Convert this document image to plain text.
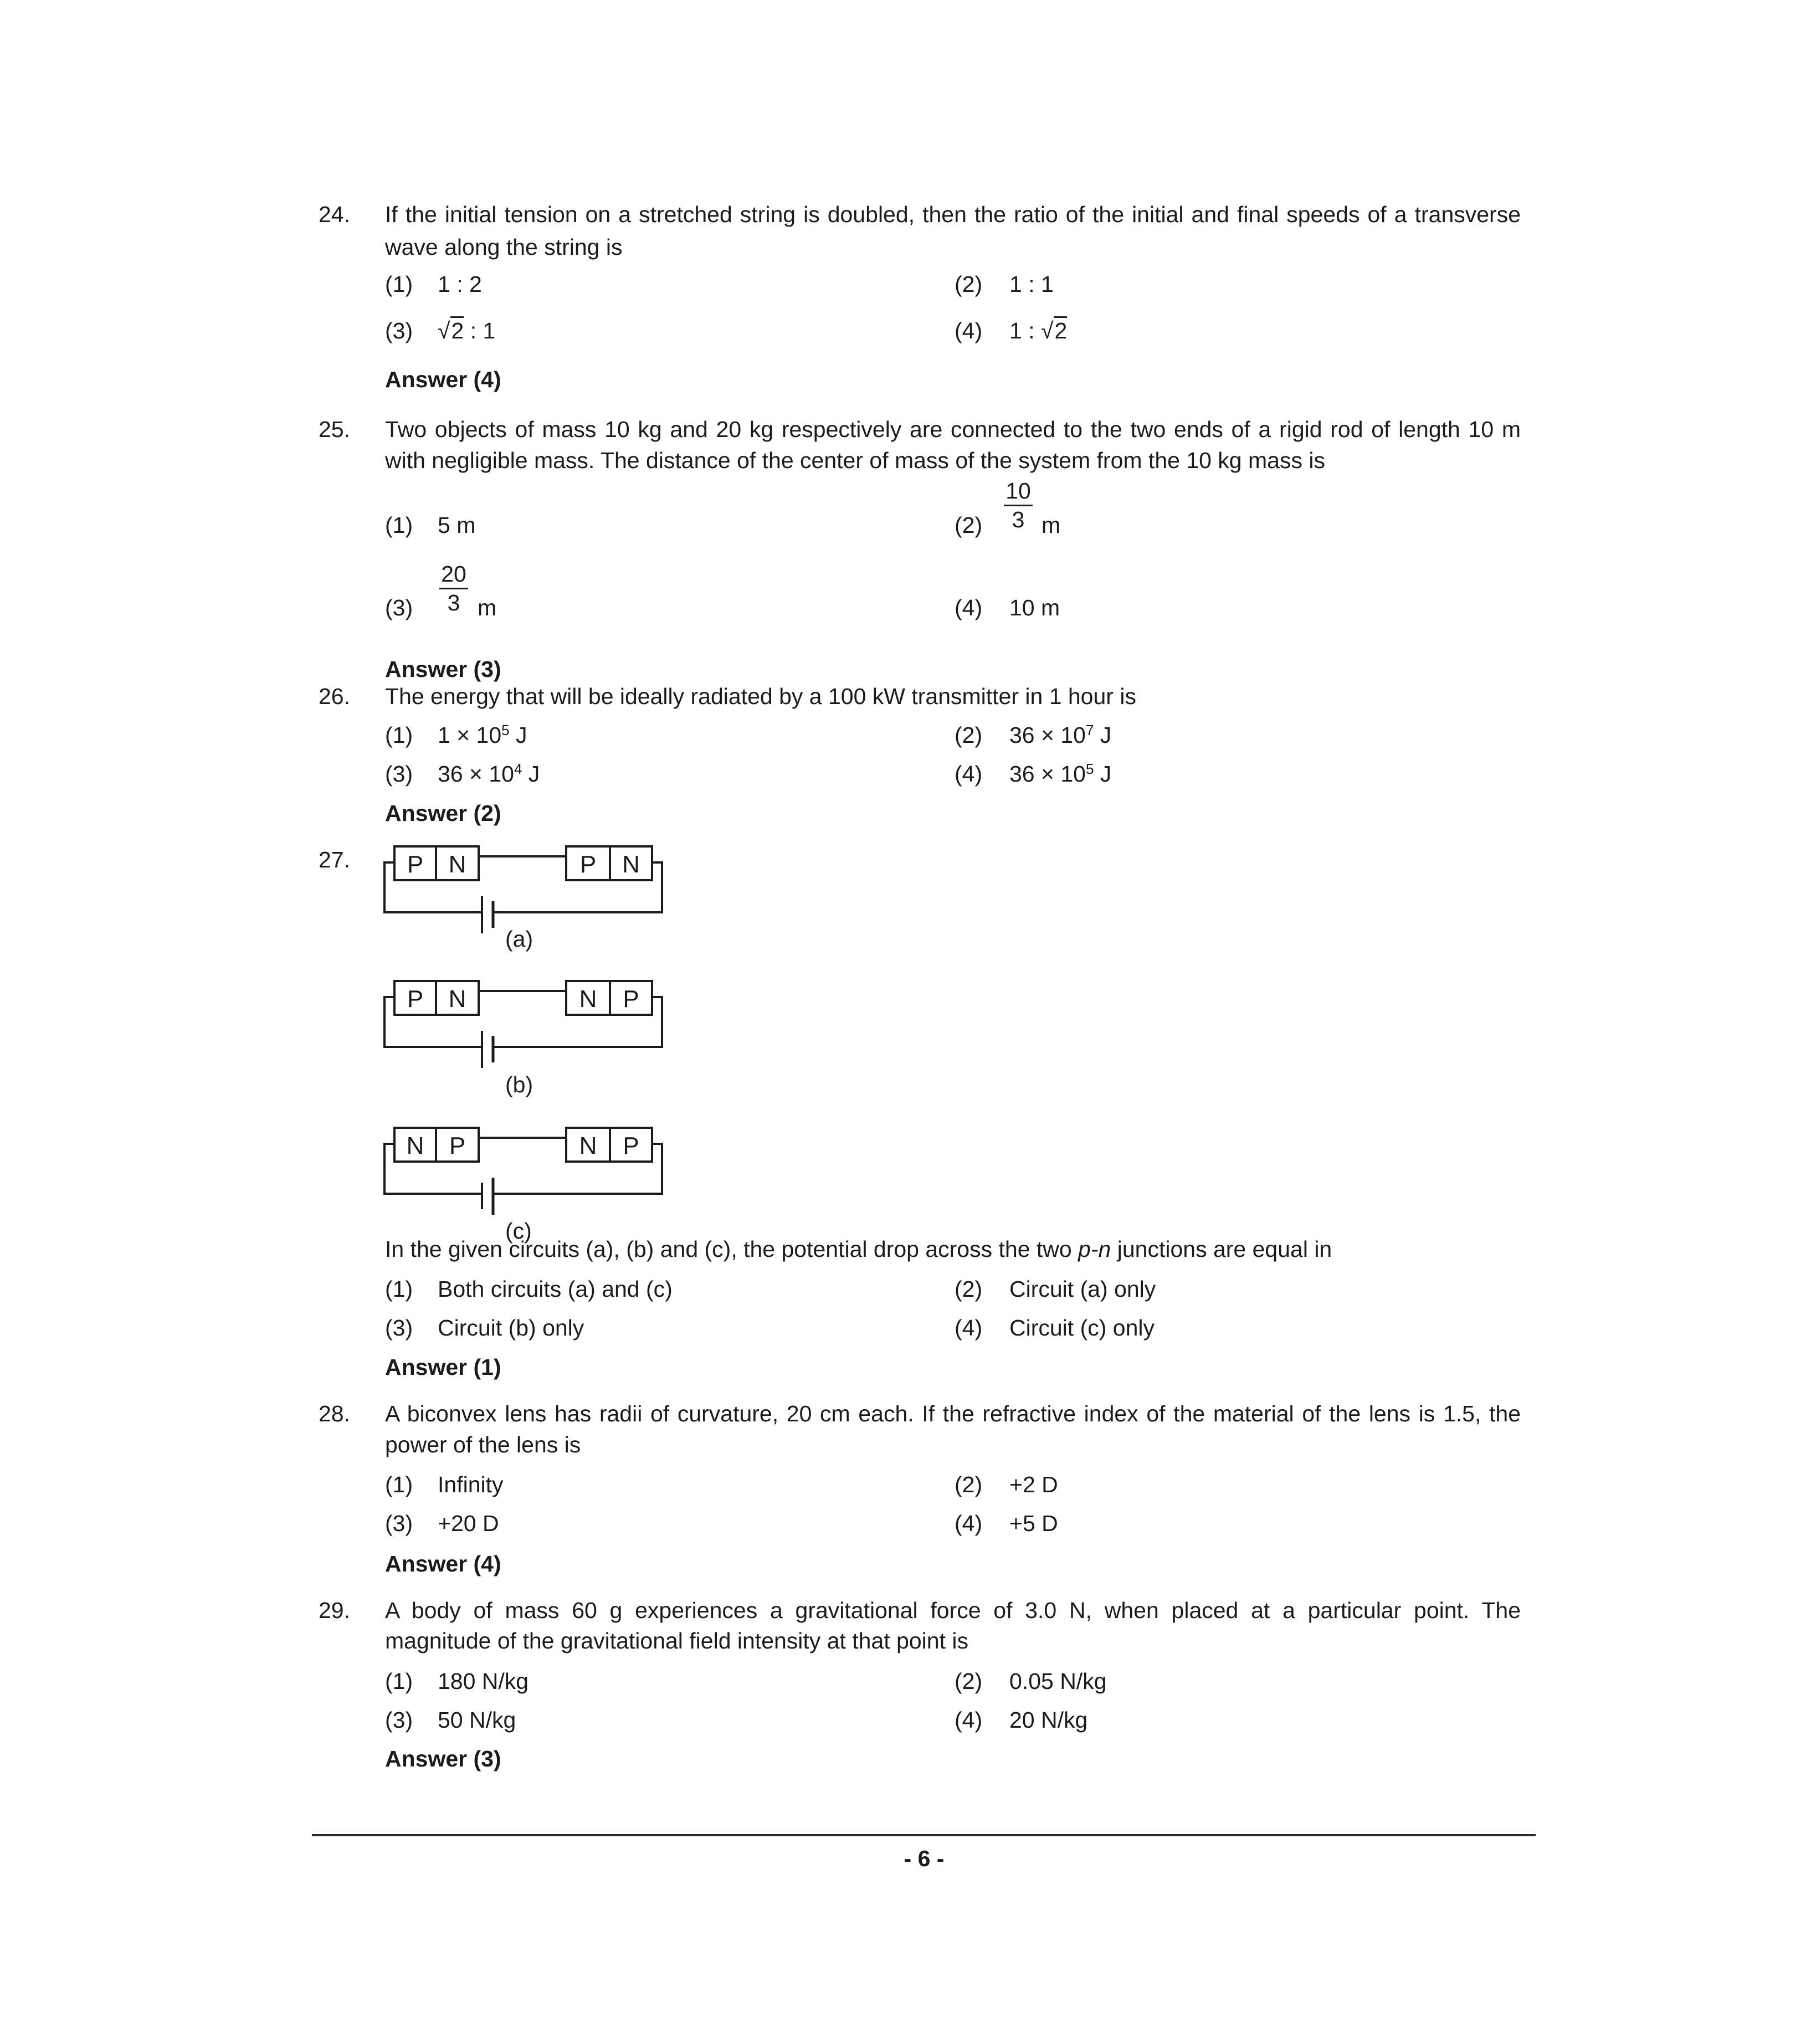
24. If the initial tension on a stretched string is doubled, then the ratio of the initial and final speeds of a transverse
wave along the string is
(1) 1 : 2	(2) 1 : 1
(3) √2 : 1	(4) 1 : √2
Answer (4)
25. Two objects of mass 10 kg and 20 kg respectively are connected to the two ends of a rigid rod of length 10 m
with negligible mass. The distance of the center of mass of the system from the 10 kg mass is
(1) 5 m	(2)
10
3 m
(3)
20
3 m	(4) 10 m
Answer (3)
26. The energy that will be ideally radiated by a 100 kW transmitter in 1 hour is
(1) $1 \times 10^5$ J	(2) $36 \times 10^7$ J
(3) $36 \times 10^4$ J	(4) $36 \times 10^5$ J
Answer (2)
27. P N	P N
(a)
P N	N P
(b)
N P	N P
(c)
In the given circuits (a), (b) and (c), the potential drop across the two p-n junctions are equal in
(1) Both circuits (a) and (c)	(2) Circuit (a) only
(3) Circuit (b) only	(4) Circuit (c) only
Answer (1)
28. A biconvex lens has radii of curvature, 20 cm each. If the refractive index of the material of the lens is 1.5, the
power of the lens is
(1) Infinity	(2) +2 D
(3) +20 D	(4) +5 D
Answer (4)
29. A body of mass 60 g experiences a gravitational force of 3.0 N, when placed at a particular point. The
magnitude of the gravitational field intensity at that point is
(1) 180 N/kg	(2) 0.05 N/kg
(3) 50 N/kg	(4) 20 N/kg
Answer (3)
- 6 -
